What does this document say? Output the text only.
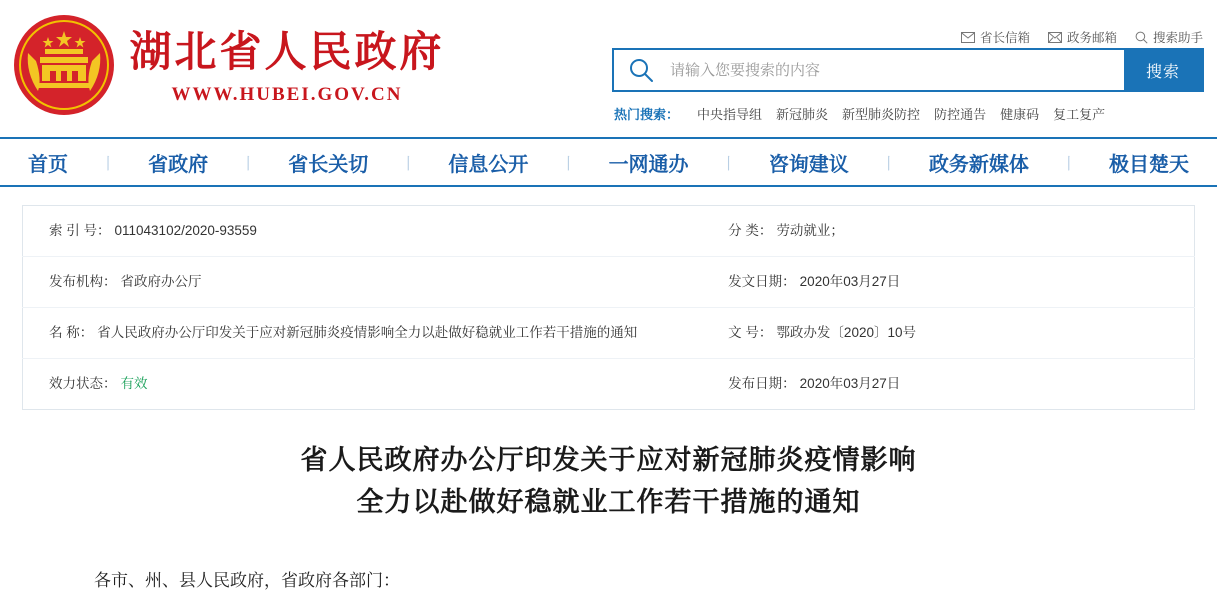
湖北省人民政府
WWW.HUBEI.GOV.CN
省长信箱	政务邮箱	搜索助手
请输入您要搜索的内容
搜索
热门搜索： 中央指导组 新冠肺炎 新型肺炎防控 防控通告 健康码 复工复产
首页 丨 省政府 丨 省长关切 丨 信息公开 丨 一网通办 丨 咨询建议 丨 政务新媒体 丨 极目楚天
索 引 号： 011043102/2020-93559	分 类： 劳动就业；

发布机构： 省政府办公厅	发文日期： 2020年03月27日

名 称： 省人民政府办公厅印发关于应对新冠肺炎疫情影响全力以赴做好稳就业工作若干措施的通知	文 号： 鄂政办发〔2020〕10号

效力状态： 有效	发布日期： 2020年03月27日
省人民政府办公厅印发关于应对新冠肺炎疫情影响
全力以赴做好稳就业工作若干措施的通知
各市、州、县人民政府，省政府各部门：
